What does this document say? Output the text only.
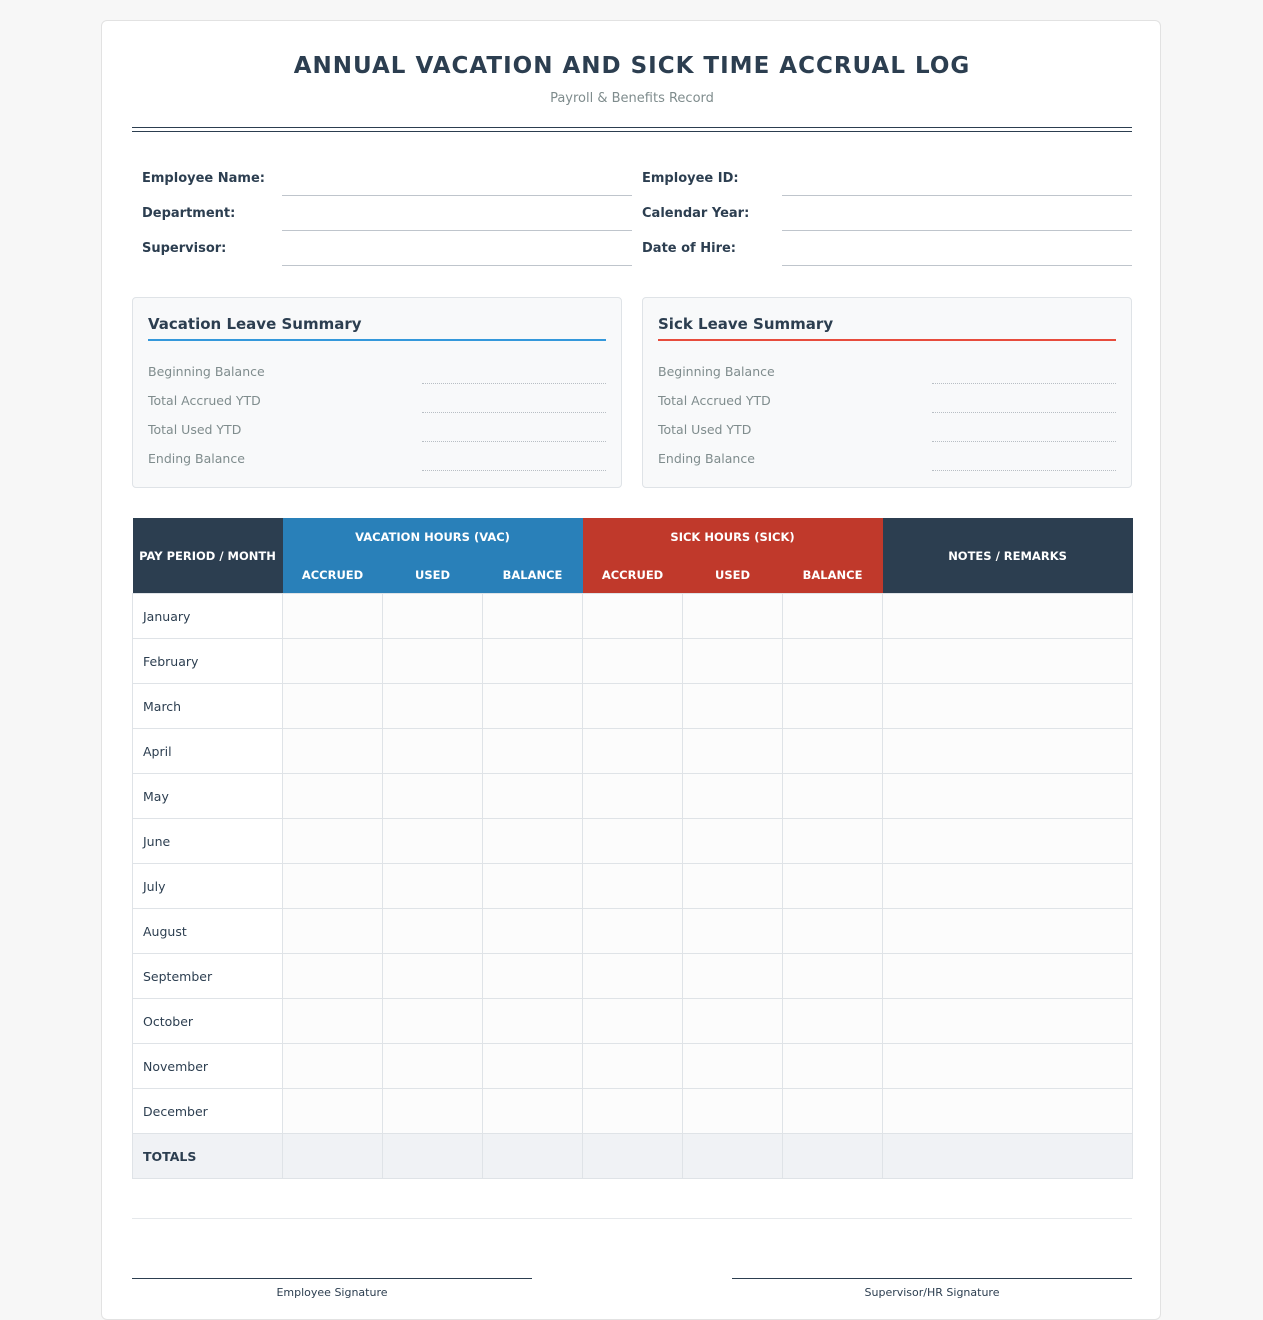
ANNUAL VACATION AND SICK TIME ACCRUAL LOG
Payroll & Benefits Record
Employee Name:	Employee ID:
Department:	Calendar Year:
Supervisor:	Date of Hire:
Vacation Leave Summary
Beginning Balance
Total Accrued YTD
Total Used YTD
Ending Balance
Sick Leave Summary
Beginning Balance
Total Accrued YTD
Total Used YTD
Ending Balance
PAY PERIOD / MONTH	VACATION HOURS (VAC)			SICK HOURS (SICK)			NOTES / REMARKS
	ACCRUED	USED	BALANCE	ACCRUED	USED	BALANCE	
January							
February							
March							
April							
May							
June							
July							
August							
September							
October							
November							
December							
TOTALS							
Employee Signature	Supervisor/HR Signature
